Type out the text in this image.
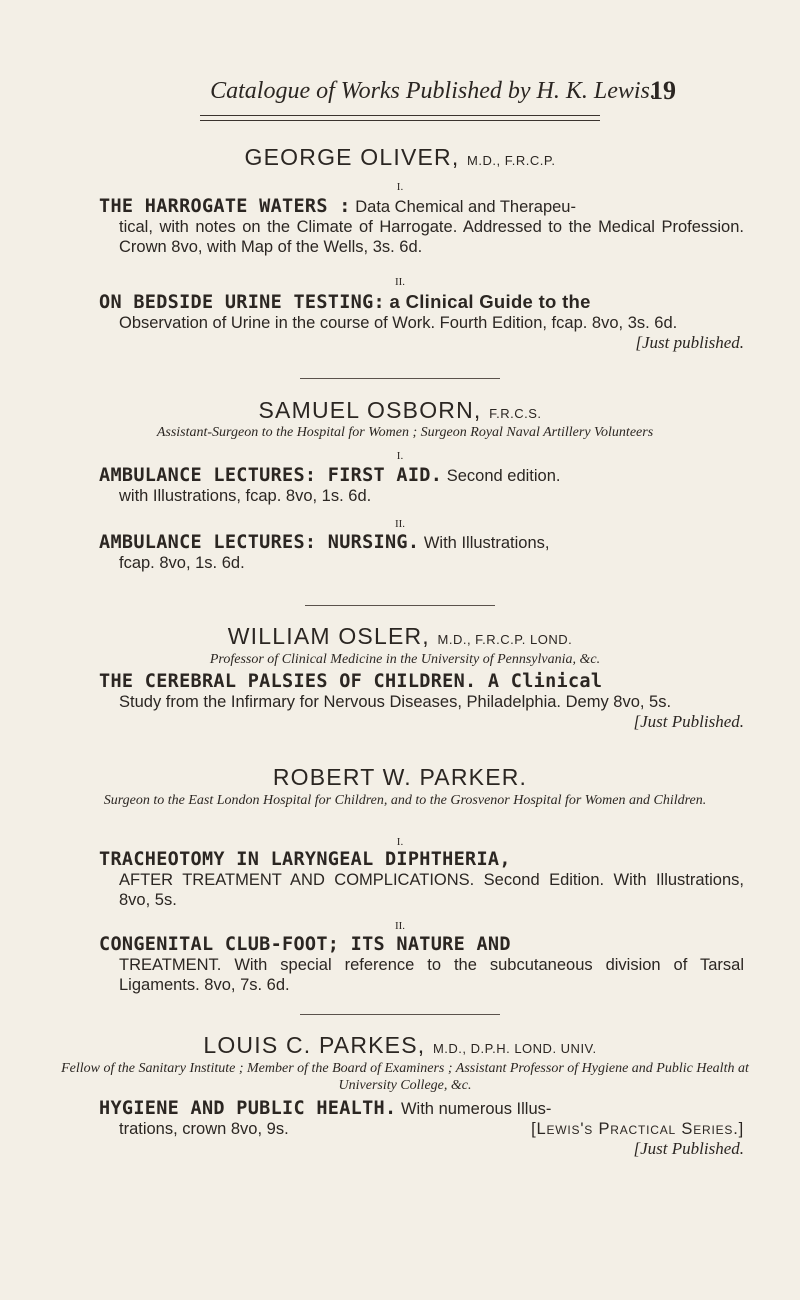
Catalogue of Works Published by H. K. Lewis.
19
GEORGE OLIVER, M.D., F.R.C.P.
I.
THE HARROGATE WATERS : Data Chemical and Therapeu-
tical, with notes on the Climate of Harrogate. Addressed to the Medical Profession. Crown 8vo, with Map of the Wells, 3s. 6d.
II.
ON BEDSIDE URINE TESTING: a Clinical Guide to the
Observation of Urine in the course of Work. Fourth Edition, fcap. 8vo, 3s. 6d.
[Just published.
SAMUEL OSBORN, F.R.C.S.
Assistant-Surgeon to the Hospital for Women ; Surgeon Royal Naval Artillery Volunteers
I.
AMBULANCE LECTURES: FIRST AID. Second edition.
with Illustrations, fcap. 8vo, 1s. 6d.
II.
AMBULANCE LECTURES: NURSING. With Illustrations,
fcap. 8vo, 1s. 6d.
WILLIAM OSLER, M.D., F.R.C.P. LOND.
Professor of Clinical Medicine in the University of Pennsylvania, &c.
THE CEREBRAL PALSIES OF CHILDREN. A Clinical
Study from the Infirmary for Nervous Diseases, Philadelphia. Demy 8vo, 5s.
[Just Published.
ROBERT W. PARKER.
Surgeon to the East London Hospital for Children, and to the Grosvenor Hospital for Women and Children.
I.
TRACHEOTOMY IN LARYNGEAL DIPHTHERIA,
AFTER TREATMENT AND COMPLICATIONS. Second Edition. With Illustrations, 8vo, 5s.
II.
CONGENITAL CLUB-FOOT; ITS NATURE AND
TREATMENT. With special reference to the subcutaneous division of Tarsal Ligaments. 8vo, 7s. 6d.
LOUIS C. PARKES, M.D., D.P.H. LOND. UNIV.
Fellow of the Sanitary Institute ; Member of the Board of Examiners ; Assistant Professor of Hygiene and Public Health at University College, &c.
HYGIENE AND PUBLIC HEALTH. With numerous Illus-
trations, crown 8vo, 9s.	[Lewis's Practical Series.]
[Just Published.
